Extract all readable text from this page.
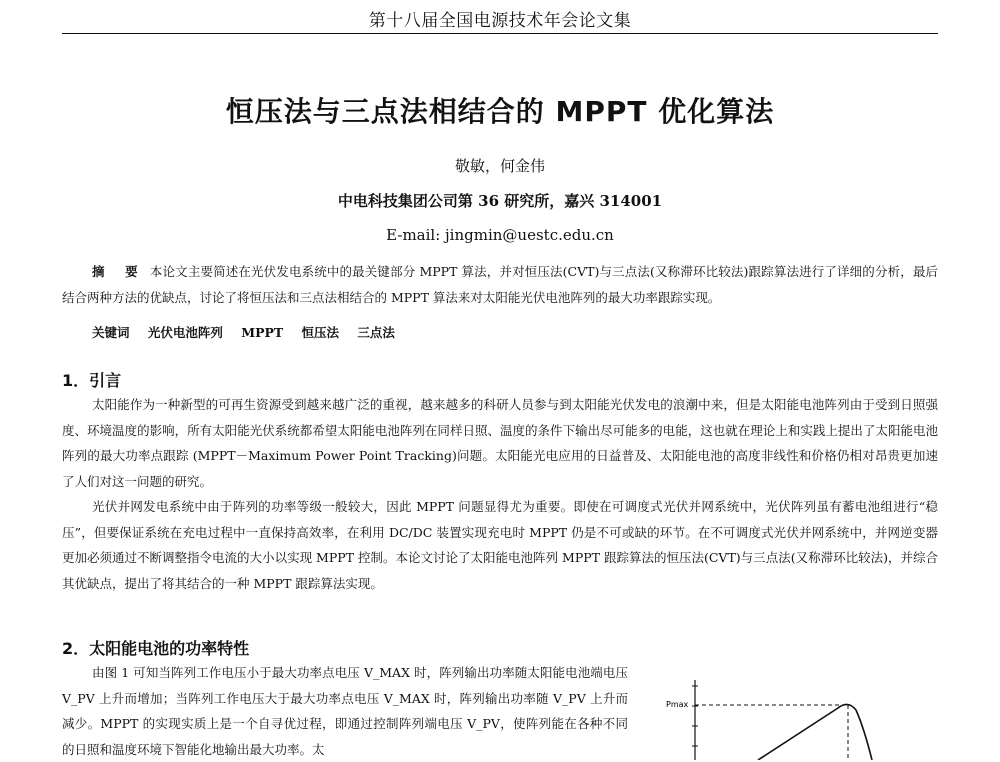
第十八届全国电源技术年会论文集
恒压法与三点法相结合的 MPPT 优化算法
敬敏，何金伟
中电科技集团公司第 36 研究所，嘉兴 314001
E-mail: jingmin@uestc.edu.cn
摘 要 本论文主要简述在光伏发电系统中的最关键部分 MPPT 算法，并对恒压法(CVT)与三点法(又称滞环比较法)跟踪算法进行了详细的分析，最后结合两种方法的优缺点，讨论了将恒压法和三点法相结合的 MPPT 算法来对太阳能光伏电池阵列的最大功率跟踪实现。
关键词 光伏电池阵列 MPPT 恒压法 三点法
1．引言

太阳能作为一种新型的可再生资源受到越来越广泛的重视，越来越多的科研人员参与到太阳能光伏发电的浪潮中来，但是太阳能电池阵列由于受到日照强度、环境温度的影响，所有太阳能光伏系统都希望太阳能电池阵列在同样日照、温度的条件下输出尽可能多的电能，这也就在理论上和实践上提出了太阳能电池阵列的最大功率点跟踪 (MPPT－Maximum Power Point Tracking)问题。太阳能光电应用的日益普及、太阳能电池的高度非线性和价格仍相对昂贵更加速了人们对这一问题的研究。

光伏并网发电系统中由于阵列的功率等级一般较大，因此 MPPT 问题显得尤为重要。即使在可调度式光伏并网系统中，光伏阵列虽有蓄电池组进行“稳压”，但要保证系统在充电过程中一直保持高效率，在利用 DC/DC 装置实现充电时 MPPT 仍是不可或缺的环节。在不可调度式光伏并网系统中，并网逆变器更加必须通过不断调整指令电流的大小以实现 MPPT 控制。本论文讨论了太阳能电池阵列 MPPT 跟踪算法的恒压法(CVT)与三点法(又称滞环比较法)，并综合其优缺点，提出了将其结合的一种 MPPT 跟踪算法实现。

2．太阳能电池的功率特性

由图 1 可知当阵列工作电压小于最大功率点电压 V_MAX 时，阵列输出功率随太阳能电池端电压 V_PV 上升而增加；当阵列工作电压大于最大功率点电压 V_MAX 时，阵列输出功率随 V_PV 上升而减少。MPPT 的实现实质上是一个自寻优过程，即通过控制阵列端电压 V_PV，使阵列能在各种不同的日照和温度环境下智能化地输出最大功率。太

Pmax
